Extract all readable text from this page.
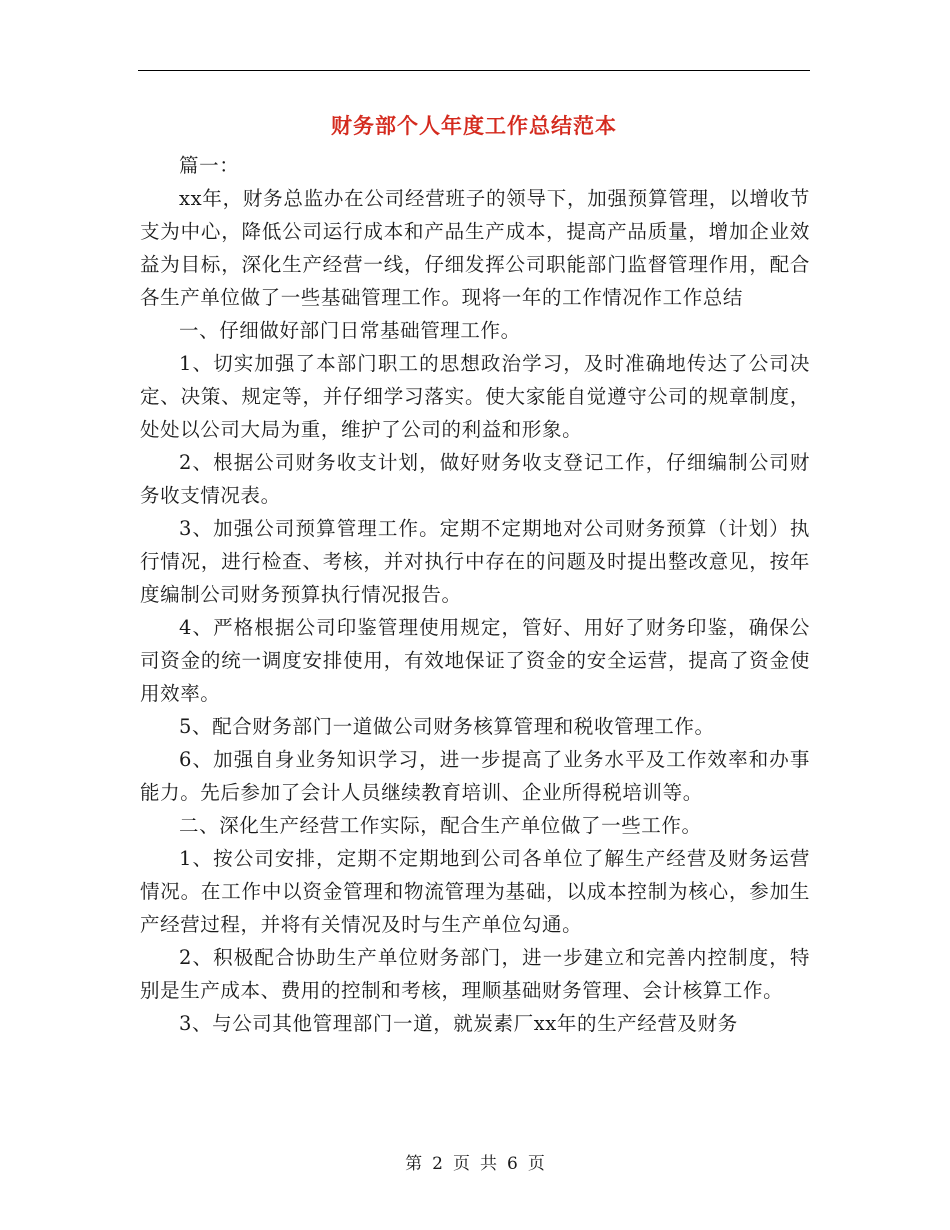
财务部个人年度工作总结范本

篇一：

xx年，财务总监办在公司经营班子的领导下，加强预算管理，以增收节支为中心，降低公司运行成本和产品生产成本，提高产品质量，增加企业效益为目标，深化生产经营一线，仔细发挥公司职能部门监督管理作用，配合各生产单位做了一些基础管理工作。现将一年的工作情况作工作总结

一、仔细做好部门日常基础管理工作。

1、切实加强了本部门职工的思想政治学习，及时准确地传达了公司决定、决策、规定等，并仔细学习落实。使大家能自觉遵守公司的规章制度，处处以公司大局为重，维护了公司的利益和形象。

2、根据公司财务收支计划，做好财务收支登记工作，仔细编制公司财务收支情况表。

3、加强公司预算管理工作。定期不定期地对公司财务预算（计划）执行情况，进行检查、考核，并对执行中存在的问题及时提出整改意见，按年度编制公司财务预算执行情况报告。

4、严格根据公司印鉴管理使用规定，管好、用好了财务印鉴，确保公司资金的统一调度安排使用，有效地保证了资金的安全运营，提高了资金使用效率。

5、配合财务部门一道做公司财务核算管理和税收管理工作。

6、加强自身业务知识学习，进一步提高了业务水平及工作效率和办事能力。先后参加了会计人员继续教育培训、企业所得税培训等。

二、深化生产经营工作实际，配合生产单位做了一些工作。

1、按公司安排，定期不定期地到公司各单位了解生产经营及财务运营情况。在工作中以资金管理和物流管理为基础，以成本控制为核心，参加生产经营过程，并将有关情况及时与生产单位勾通。

2、积极配合协助生产单位财务部门，进一步建立和完善内控制度，特别是生产成本、费用的控制和考核，理顺基础财务管理、会计核算工作。

3、与公司其他管理部门一道，就炭素厂xx年的生产经营及财务

第 2 页 共 6 页
